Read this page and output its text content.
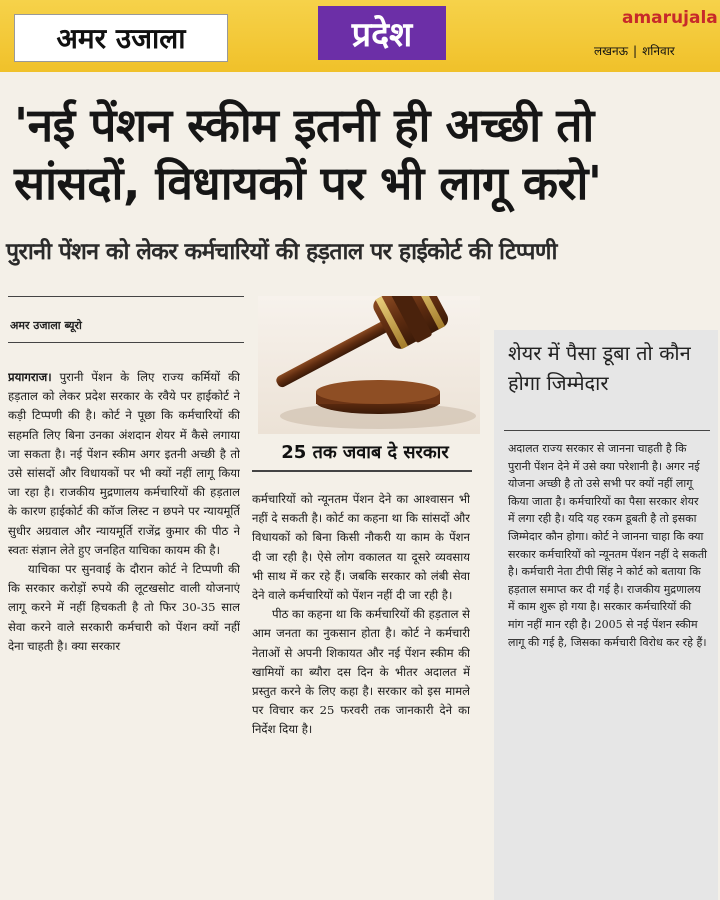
अमर उजाला	प्रदेश	amarujala
लखनऊ | शनिवार
'नई पेंशन स्कीम इतनी ही अच्छी तो
सांसदों, विधायकों पर भी लागू करो'
पुरानी पेंशन को लेकर कर्मचारियों की हड़ताल पर हाईकोर्ट की टिप्पणी
अमर उजाला ब्यूरो

प्रयागराज। पुरानी पेंशन के लिए राज्य कर्मियों की हड़ताल को लेकर प्रदेश सरकार के रवैये पर हाईकोर्ट ने कड़ी टिप्पणी की है। कोर्ट ने पूछा कि कर्मचारियों की सहमति लिए बिना उनका अंशदान शेयर में कैसे लगाया जा सकता है। नई पेंशन स्कीम अगर इतनी अच्छी है तो उसे सांसदों और विधायकों पर भी क्यों नहीं लागू किया जा रहा है। राजकीय मुद्रणालय कर्मचारियों की हड़ताल के कारण हाईकोर्ट की कॉज लिस्ट न छपने पर न्यायमूर्ति सुधीर अग्रवाल और न्यायमूर्ति राजेंद्र कुमार की पीठ ने स्वतः संज्ञान लेते हुए जनहित याचिका कायम की है।

याचिका पर सुनवाई के दौरान कोर्ट ने टिप्पणी की कि सरकार करोड़ों रुपये की लूटखसोट वाली योजनाएं लागू करने में नहीं हिचकती है तो फिर 30-35 साल सेवा करने वाले सरकारी कर्मचारी को पेंशन क्यों नहीं देना चाहती है। क्या सरकार

25 तक जवाब दे सरकार

कर्मचारियों को न्यूनतम पेंशन देने का आश्वासन भी नहीं दे सकती है। कोर्ट का कहना था कि सांसदों और विधायकों को बिना किसी नौकरी या काम के पेंशन दी जा रही है। ऐसे लोग वकालत या दूसरे व्यवसाय भी साथ में कर रहे हैं। जबकि सरकार को लंबी सेवा देने वाले कर्मचारियों को पेंशन नहीं दी जा रही है।

पीठ का कहना था कि कर्मचारियों की हड़ताल से आम जनता का नुकसान होता है। कोर्ट ने कर्मचारी नेताओं से अपनी शिकायत और नई पेंशन स्कीम की खामियों का ब्यौरा दस दिन के भीतर अदालत में प्रस्तुत करने के लिए कहा है। सरकार को इस मामले पर विचार कर 25 फरवरी तक जानकारी देने का निर्देश दिया है।

शेयर में पैसा डूबा तो कौन होगा जिम्मेदार
अदालत राज्य सरकार से जानना चाहती है कि पुरानी पेंशन देने में उसे क्या परेशानी है। अगर नई योजना अच्छी है तो उसे सभी पर क्यों नहीं लागू किया जाता है। कर्मचारियों का पैसा सरकार शेयर में लगा रही है। यदि यह रकम डूबती है तो इसका जिम्मेदार कौन होगा। कोर्ट ने जानना चाहा कि क्या सरकार कर्मचारियों को न्यूनतम पेंशन नहीं दे सकती है। कर्मचारी नेता टीपी सिंह ने कोर्ट को बताया कि हड़ताल समाप्त कर दी गई है। राजकीय मुद्रणालय में काम शुरू हो गया है। सरकार कर्मचारियों की मांग नहीं मान रही है। 2005 से नई पेंशन स्कीम लागू की गई है, जिसका कर्मचारी विरोध कर रहे हैं।
